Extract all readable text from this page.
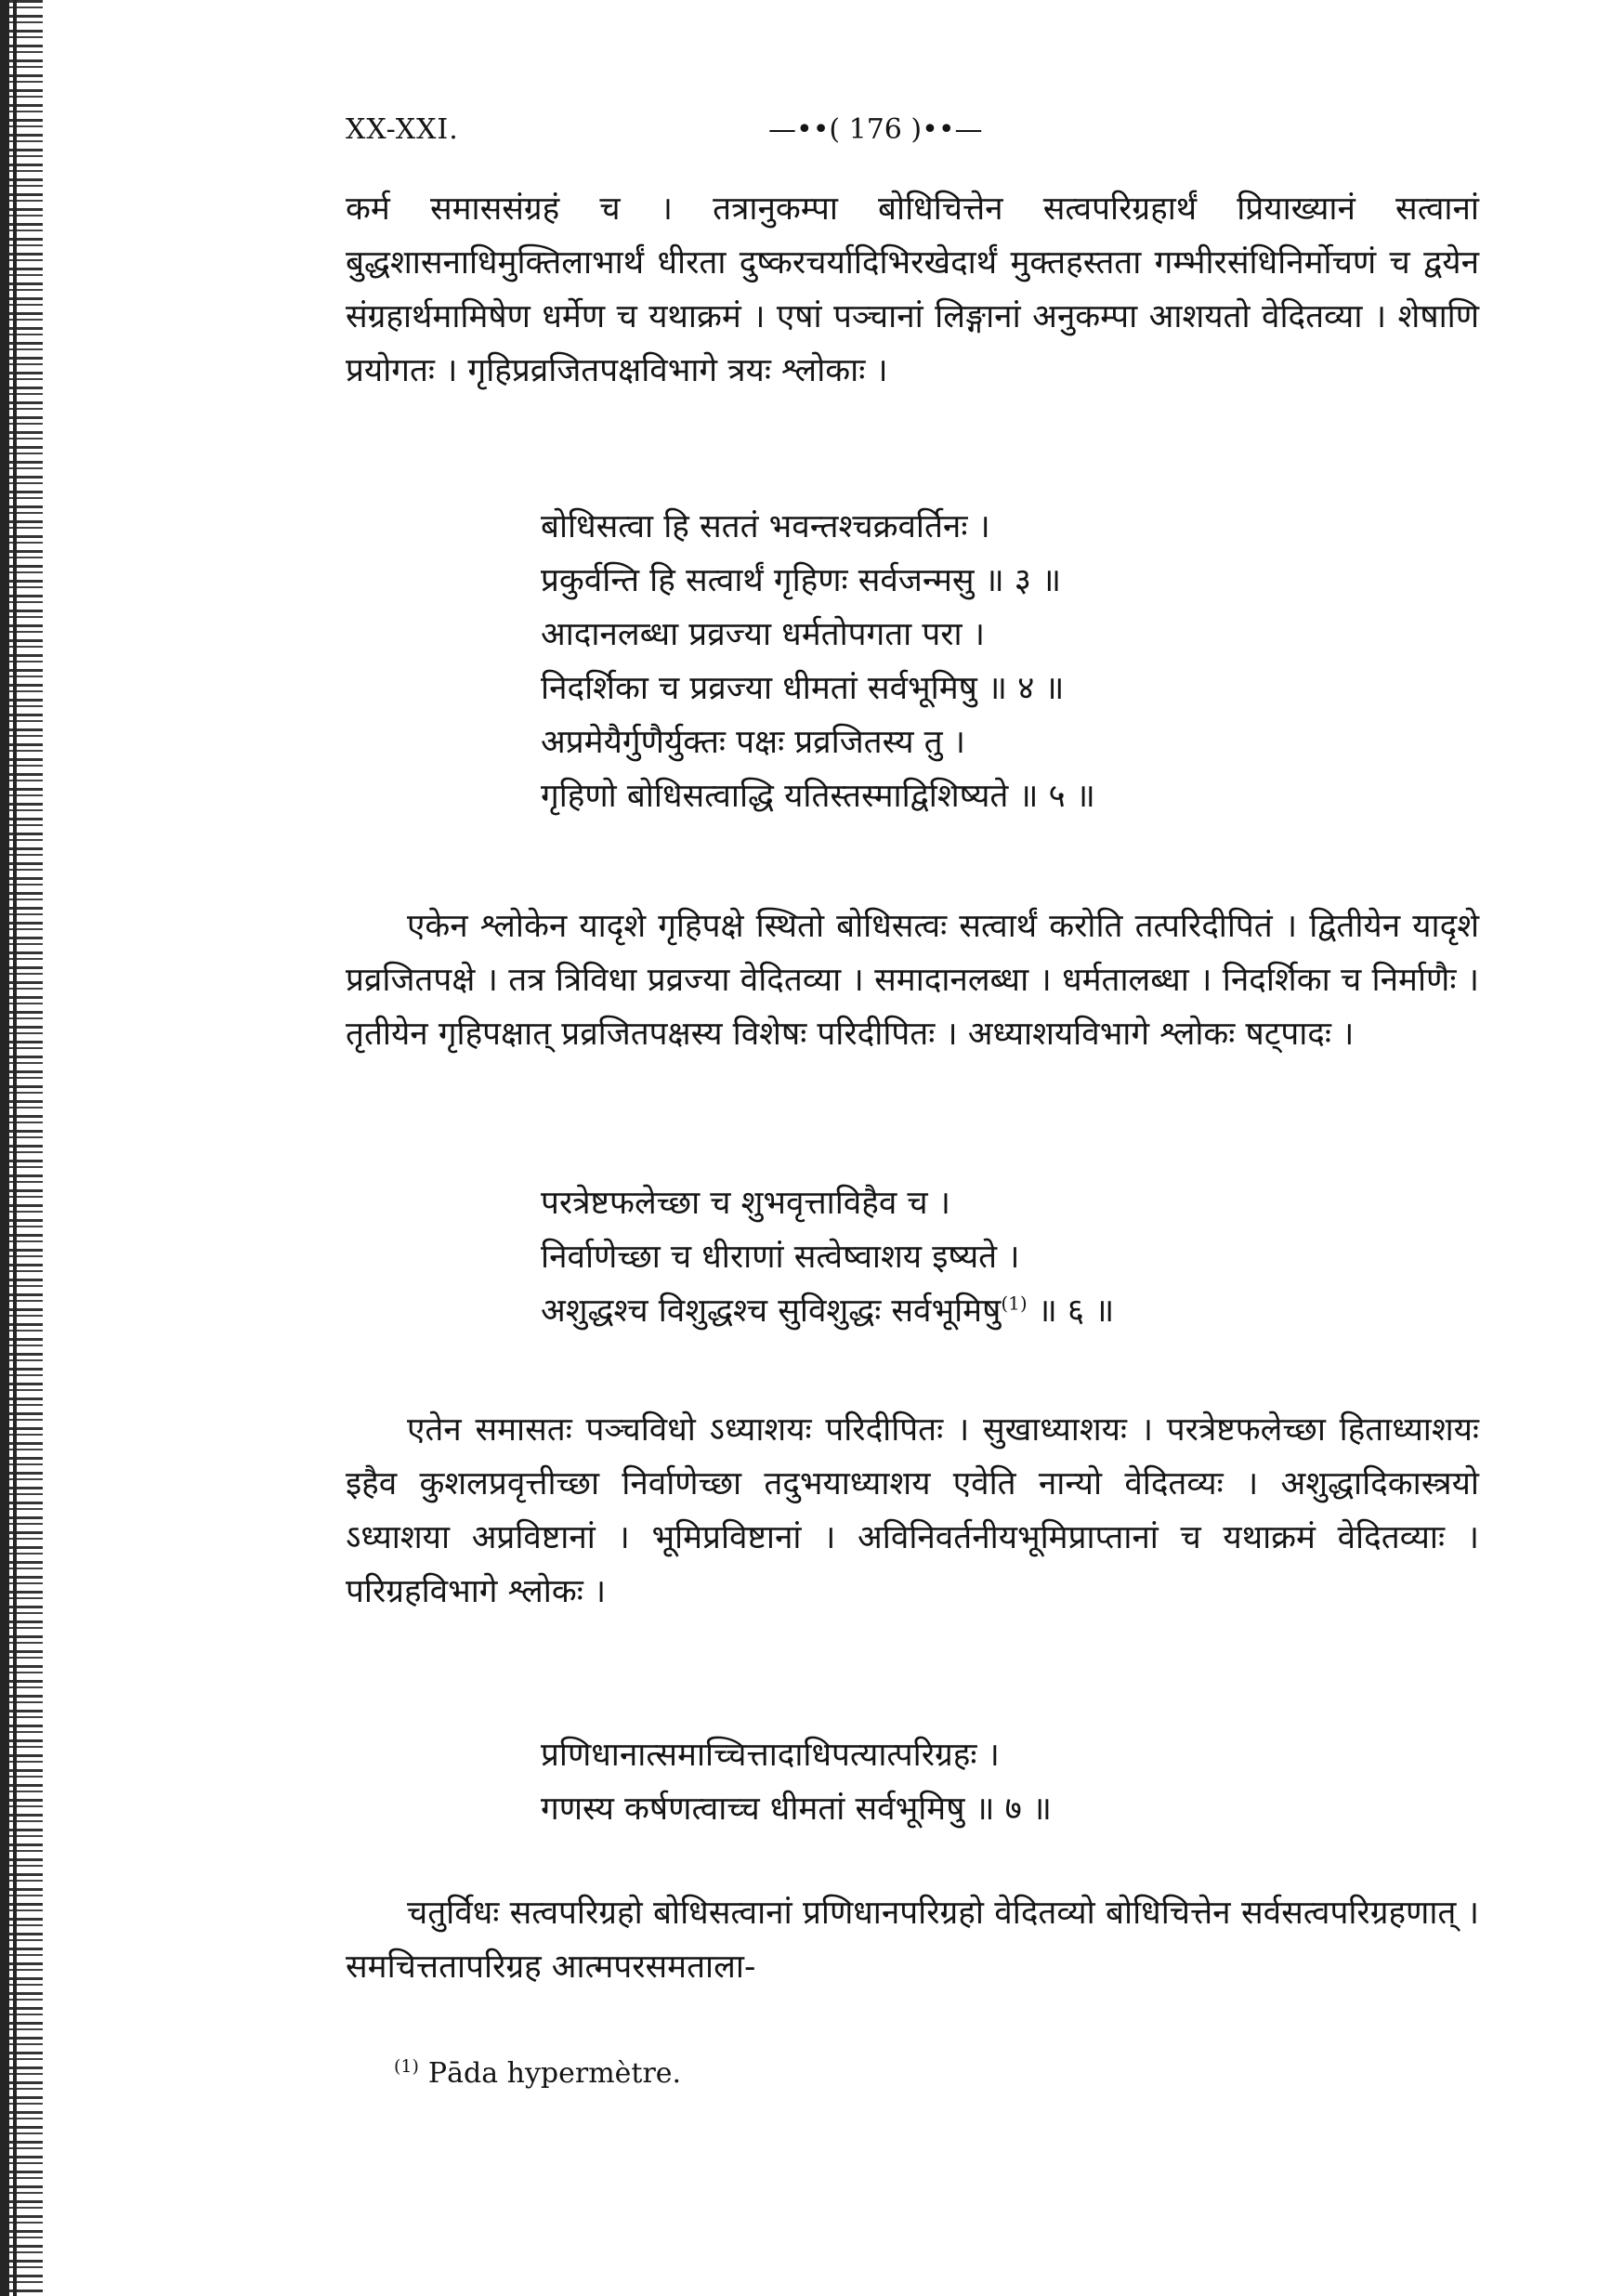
XX-XXI.	—••( 176 )••—

कर्म समाससंग्रहं च । तत्रानुकम्पा बोधिचित्तेन सत्वपरिग्रहार्थं प्रियाख्यानं सत्वानां बुद्धशासनाधिमुक्तिलाभार्थं धीरता दुष्करचर्यादिभिरखेदार्थं मुक्तहस्तता गम्भीरसंधिनिर्मोचणं च द्वयेन संग्रहार्थमामिषेण धर्मेण च यथाक्रमं । एषां पञ्चानां लिङ्गानां अनुकम्पा आशयतो वेदितव्या । शेषाणि प्रयोगतः । गृहिप्रव्रजितपक्षविभागे त्रयः श्लोकाः ।

बोधिसत्वा हि सततं भवन्तश्चक्रवर्तिनः ।
प्रकुर्वन्ति हि सत्वार्थं गृहिणः सर्वजन्मसु ॥ ३ ॥
आदानलब्धा प्रव्रज्या धर्मतोपगता परा ।
निदर्शिका च प्रव्रज्या धीमतां सर्वभूमिषु ॥ ४ ॥
अप्रमेयैर्गुणैर्युक्तः पक्षः प्रव्रजितस्य तु ।
गृहिणो बोधिसत्वाद्धि यतिस्तस्माद्विशिष्यते ॥ ५ ॥

एकेन श्लोकेन यादृशे गृहिपक्षे स्थितो बोधिसत्वः सत्वार्थं करोति तत्परिदीपितं । द्वितीयेन यादृशे प्रव्रजितपक्षे । तत्र त्रिविधा प्रव्रज्या वेदितव्या । समादानलब्धा । धर्मतालब्धा । निदर्शिका च निर्माणैः । तृतीयेन गृहिपक्षात् प्रव्रजितपक्षस्य विशेषः परिदीपितः । अध्याशयविभागे श्लोकः षट्पादः ।

परत्रेष्टफलेच्छा च शुभवृत्ताविहैव च ।
निर्वाणेच्छा च धीराणां सत्वेष्वाशय इष्यते ।
अशुद्धश्च विशुद्धश्च सुविशुद्धः सर्वभूमिषु$^{(1)}$ ॥ ६ ॥

एतेन समासतः पञ्चविधो ऽध्याशयः परिदीपितः । सुखाध्याशयः । परत्रेष्टफलेच्छा हिताध्याशयः इहैव कुशलप्रवृत्तीच्छा निर्वाणेच्छा तदुभयाध्याशय एवेति नान्यो वेदितव्यः । अशुद्धादिकास्त्रयो ऽध्याशया अप्रविष्टानां । भूमिप्रविष्टानां । अविनिवर्तनीयभूमिप्राप्तानां च यथाक्रमं वेदितव्याः । परिग्रहविभागे श्लोकः ।

प्रणिधानात्समाच्चित्तादाधिपत्यात्परिग्रहः ।
गणस्य कर्षणत्वाच्च धीमतां सर्वभूमिषु ॥ ७ ॥

चतुर्विधः सत्वपरिग्रहो बोधिसत्वानां प्रणिधानपरिग्रहो वेदितव्यो बोधिचित्तेन सर्वसत्वपरिग्रहणात् । समचित्ततापरिग्रह आत्मपरसमताला-

$^{(1)}$ Pāda hypermètre.
